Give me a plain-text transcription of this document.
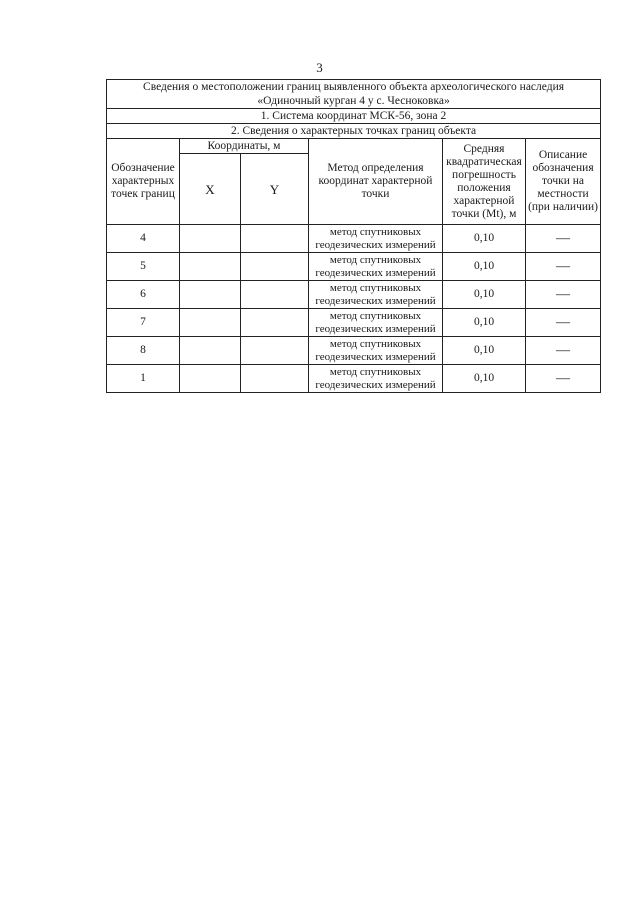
3
Сведения о местоположении границ выявленного объекта археологического наследия
«Одиночный курган 4 у с. Чесноковка»					
1. Система координат МСК-56, зона 2					
2. Сведения о характерных точках границ объекта					
Обозначение характерных точек границ	Координаты, м		Метод определения координат характерной точки	Средняя квадратическая погрешность положения характерной точки (Mt), м	Описание обозначения точки на местности (при наличии)
	X	Y			
4			метод спутниковых геодезических измерений	0,10	—
5			метод спутниковых геодезических измерений	0,10	—
6			метод спутниковых геодезических измерений	0,10	—
7			метод спутниковых геодезических измерений	0,10	—
8			метод спутниковых геодезических измерений	0,10	—
1			метод спутниковых геодезических измерений	0,10	—
